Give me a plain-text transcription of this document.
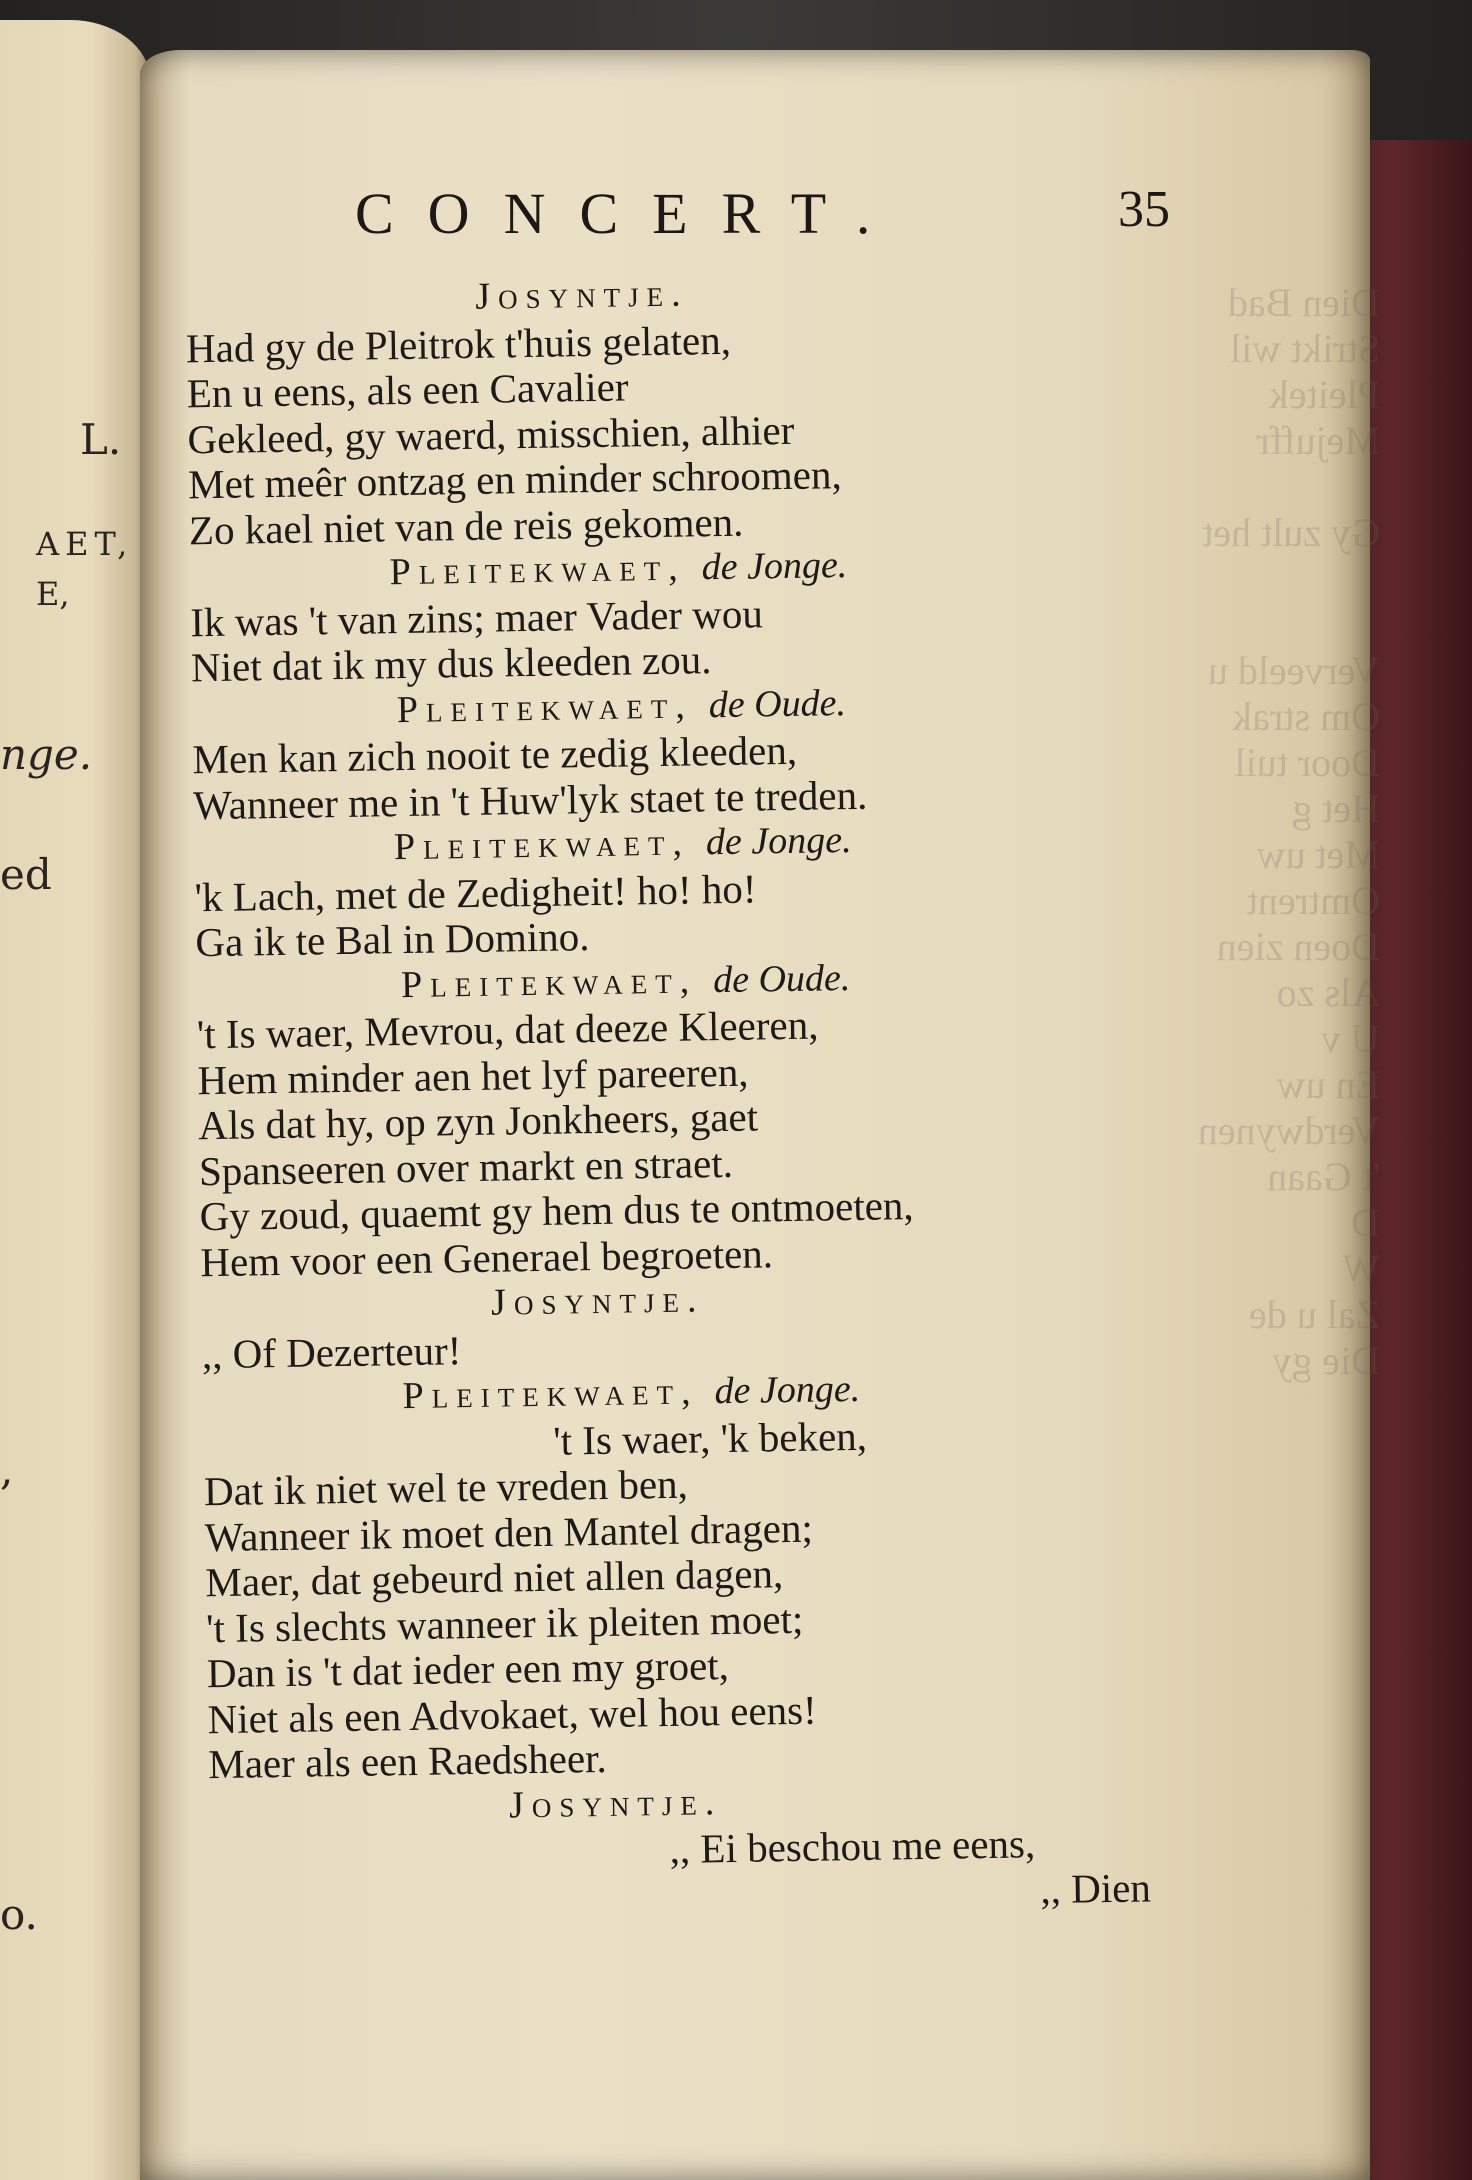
L.
AET,
E,
nge.
ed
,
o.
Dien Bad
Strikt wil
Pleitek
Mejuffr

Gy zult het

Verveeld u
Om strak
Door tuil
Het g
Met uw
Omtrent
Doen zien
Als zo
U v
En uw
Verdwynen
't Gaan
D
W
Zal u de
Die gy
CONCERT.	35
Josyntje.
Had gy de Pleitrok t'huis gelaten,
En u eens, als een Cavalier
Gekleed, gy waerd, misschien, alhier
Met meêr ontzag en minder schroomen,
Zo kael niet van de reis gekomen.
Pleitekwaet, de Jonge.
Ik was 't van zins; maer Vader wou
Niet dat ik my dus kleeden zou.
Pleitekwaet, de Oude.
Men kan zich nooit te zedig kleeden,
Wanneer me in 't Huw'lyk staet te treden.
Pleitekwaet, de Jonge.
'k Lach, met de Zedigheit! ho! ho!
Ga ik te Bal in Domino.
Pleitekwaet, de Oude.
't Is waer, Mevrou, dat deeze Kleeren,
Hem minder aen het lyf pareeren,
Als dat hy, op zyn Jonkheers, gaet
Spanseeren over markt en straet.
Gy zoud, quaemt gy hem dus te ontmoeten,
Hem voor een Generael begroeten.
Josyntje.
,, Of Dezerteur!
Pleitekwaet, de Jonge.
't Is waer, 'k beken,
Dat ik niet wel te vreden ben,
Wanneer ik moet den Mantel dragen;
Maer, dat gebeurd niet allen dagen,
't Is slechts wanneer ik pleiten moet;
Dan is 't dat ieder een my groet,
Niet als een Advokaet, wel hou eens!
Maer als een Raedsheer.
Josyntje.
,, Ei beschou me eens,
,, Dien
